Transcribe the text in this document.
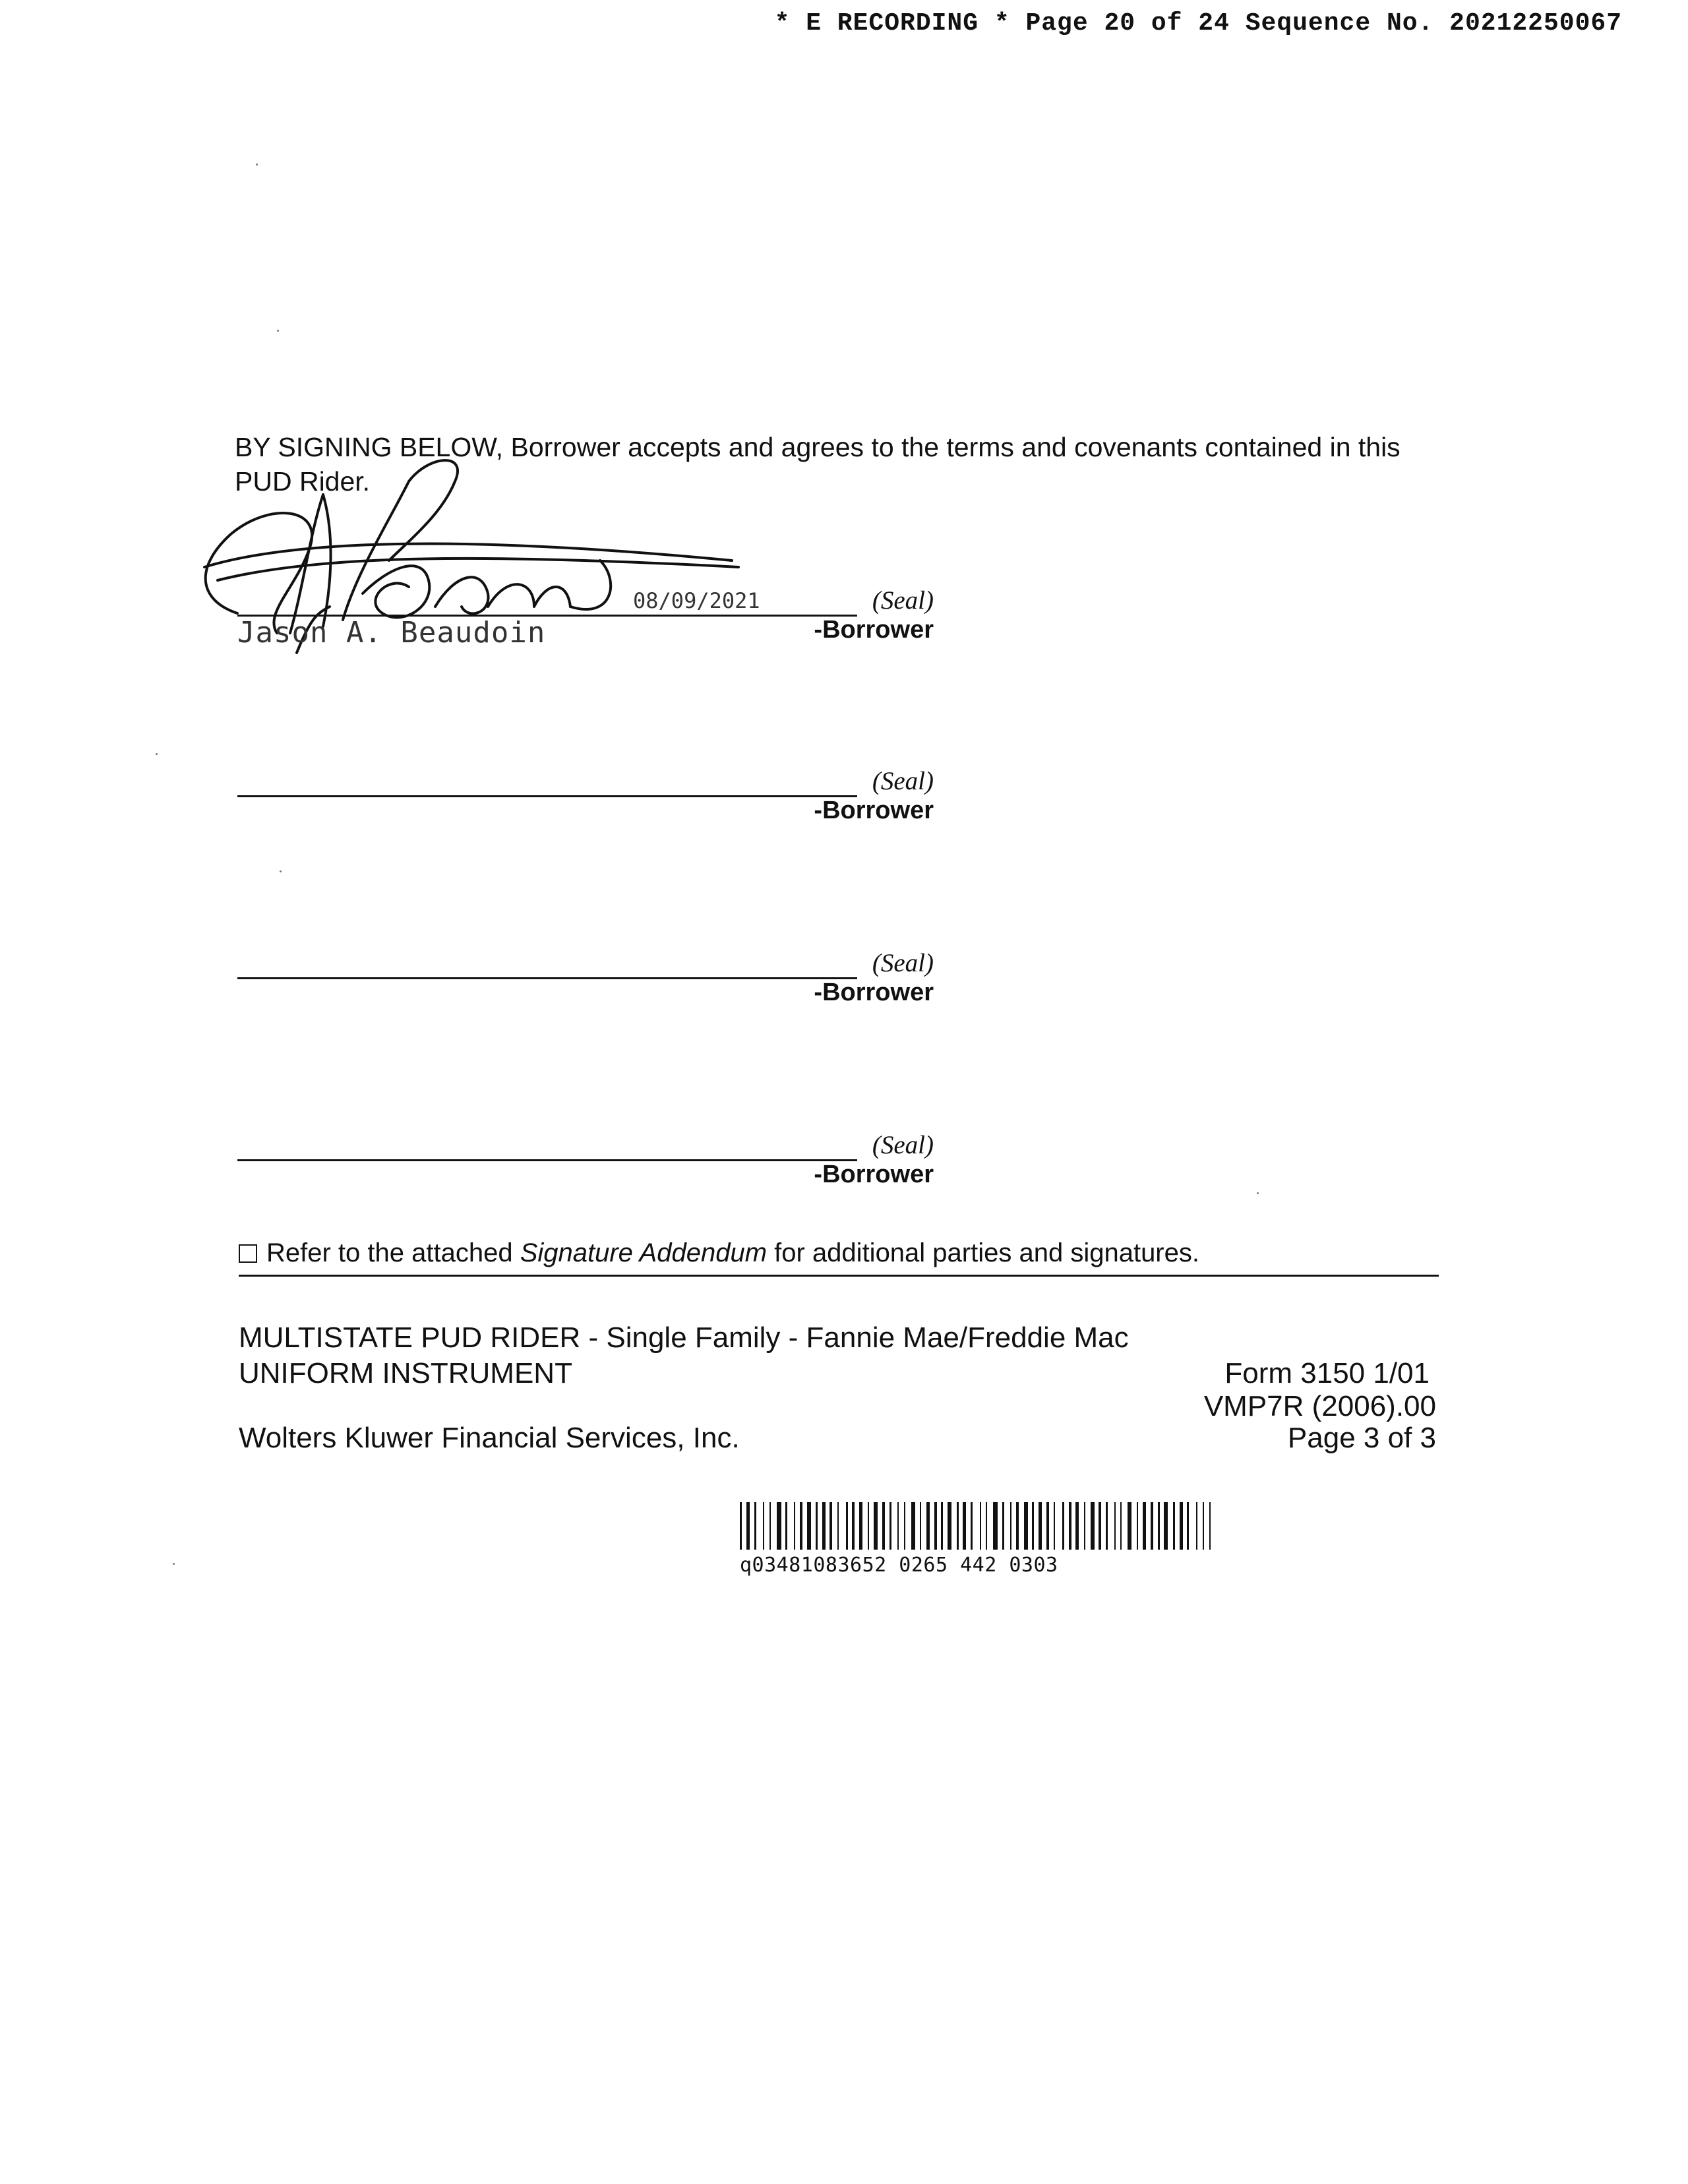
* E RECORDING * Page 20 of 24 Sequence No. 20212250067
BY SIGNING BELOW, Borrower accepts and agrees to the terms and covenants contained in this PUD Rider.
08/09/2021	(Seal)
Jason A. Beaudoin	-Borrower
(Seal)
-Borrower
(Seal)
-Borrower
(Seal)
-Borrower
Refer to the attached Signature Addendum for additional parties and signatures.
MULTISTATE PUD RIDER - Single Family - Fannie Mae/Freddie Mac
UNIFORM INSTRUMENT	Form 3150 1/01
VMP7R (2006).00
Wolters Kluwer Financial Services, Inc.	Page 3 of 3
q03481083652 0265 442 0303
